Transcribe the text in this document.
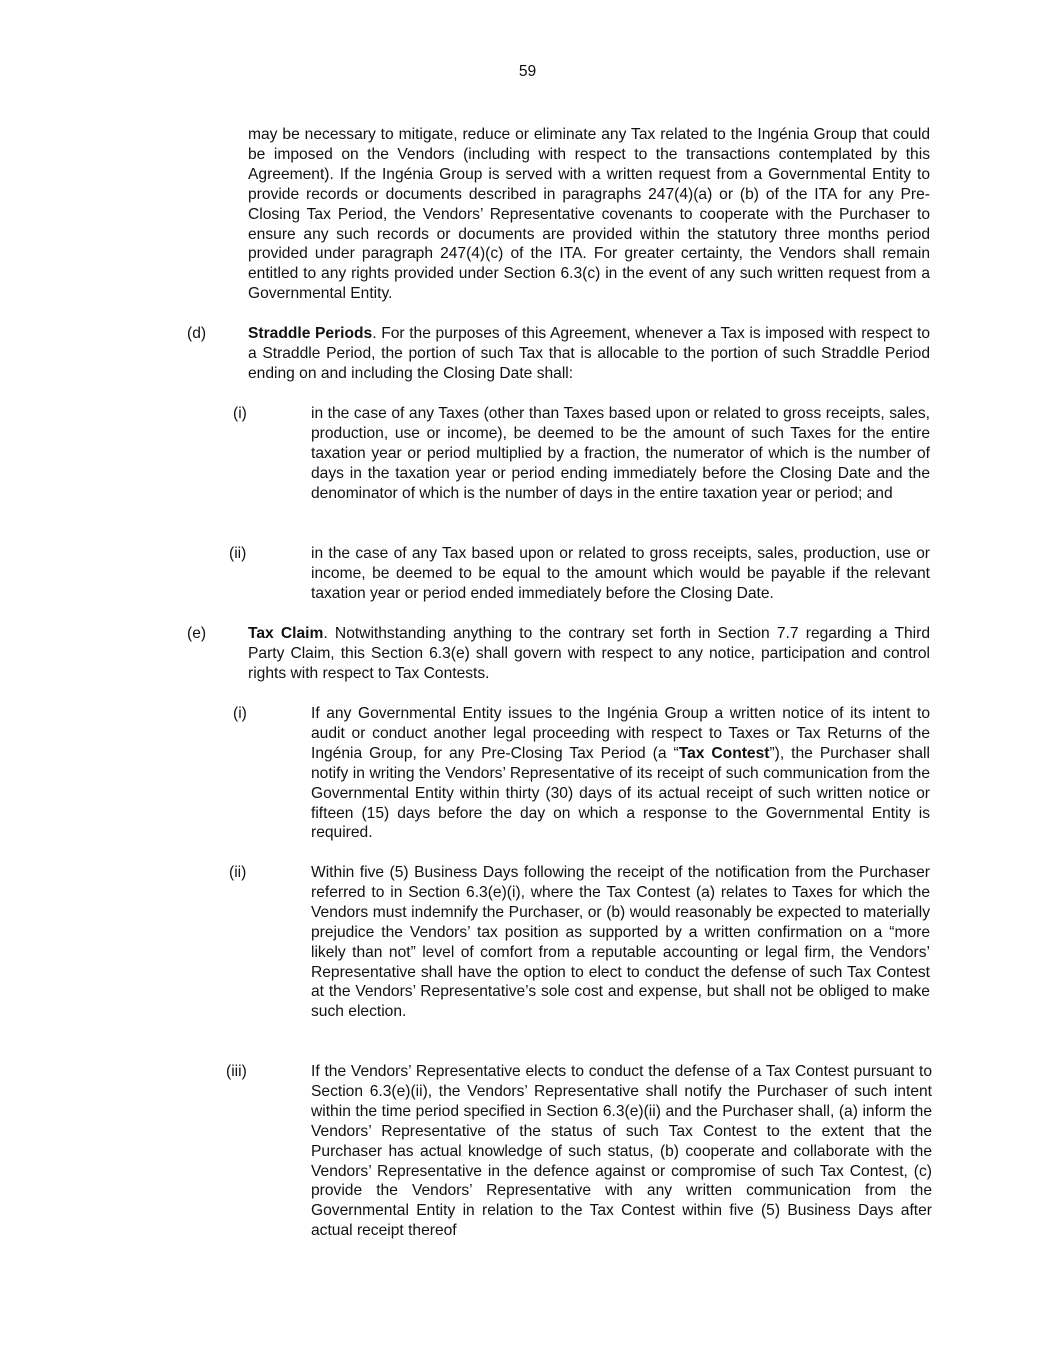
59

may be necessary to mitigate, reduce or eliminate any Tax related to the Ingénia Group that could be imposed on the Vendors (including with respect to the transactions contemplated by this Agreement). If the Ingénia Group is served with a written request from a Governmental Entity to provide records or documents described in paragraphs 247(4)(a) or (b) of the ITA for any Pre-Closing Tax Period, the Vendors’ Representative covenants to cooperate with the Purchaser to ensure any such records or documents are provided within the statutory three months period provided under paragraph 247(4)(c) of the ITA. For greater certainty, the Vendors shall remain entitled to any rights provided under Section 6.3(c) in the event of any such written request from a Governmental Entity.

(d)	Straddle Periods. For the purposes of this Agreement, whenever a Tax is imposed with respect to a Straddle Period, the portion of such Tax that is allocable to the portion of such Straddle Period ending on and including the Closing Date shall:

(i)	in the case of any Taxes (other than Taxes based upon or related to gross receipts, sales, production, use or income), be deemed to be the amount of such Taxes for the entire taxation year or period multiplied by a fraction, the numerator of which is the number of days in the taxation year or period ending immediately before the Closing Date and the denominator of which is the number of days in the entire taxation year or period; and

(ii)	in the case of any Tax based upon or related to gross receipts, sales, production, use or income, be deemed to be equal to the amount which would be payable if the relevant taxation year or period ended immediately before the Closing Date.

(e)	Tax Claim. Notwithstanding anything to the contrary set forth in Section 7.7 regarding a Third Party Claim, this Section 6.3(e) shall govern with respect to any notice, participation and control rights with respect to Tax Contests.

(i)	If any Governmental Entity issues to the Ingénia Group a written notice of its intent to audit or conduct another legal proceeding with respect to Taxes or Tax Returns of the Ingénia Group, for any Pre-Closing Tax Period (a “Tax Contest”), the Purchaser shall notify in writing the Vendors’ Representative of its receipt of such communication from the Governmental Entity within thirty (30) days of its actual receipt of such written notice or fifteen (15) days before the day on which a response to the Governmental Entity is required.

(ii)	Within five (5) Business Days following the receipt of the notification from the Purchaser referred to in Section 6.3(e)(i), where the Tax Contest (a) relates to Taxes for which the Vendors must indemnify the Purchaser, or (b) would reasonably be expected to materially prejudice the Vendors’ tax position as supported by a written confirmation on a “more likely than not” level of comfort from a reputable accounting or legal firm, the Vendors’ Representative shall have the option to elect to conduct the defense of such Tax Contest at the Vendors’ Representative’s sole cost and expense, but shall not be obliged to make such election.

(iii)	If the Vendors’ Representative elects to conduct the defense of a Tax Contest pursuant to Section 6.3(e)(ii), the Vendors’ Representative shall notify the Purchaser of such intent within the time period specified in Section 6.3(e)(ii) and the Purchaser shall, (a) inform the Vendors’ Representative of the status of such Tax Contest to the extent that the Purchaser has actual knowledge of such status, (b) cooperate and collaborate with the Vendors’ Representative in the defence against or compromise of such Tax Contest, (c) provide the Vendors’ Representative with any written communication from the Governmental Entity in relation to the Tax Contest within five (5) Business Days after actual receipt thereof
